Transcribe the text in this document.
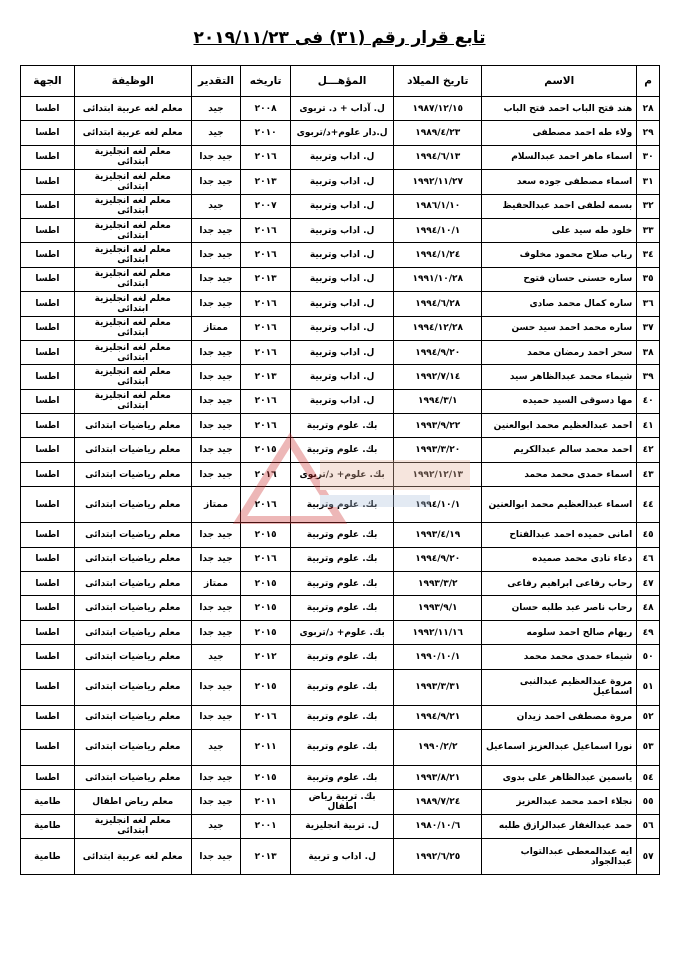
تابع قرار رقم (٣١) فى ٢٠١٩/١١/٢٣
م	الاسم	تاريخ الميلاد	المؤهـــل	تاريخه	التقدير	الوظيفة	الجهة
٢٨	هند فتح الباب احمد فتح الباب	١٩٨٧/١٢/١٥	ل. آداب + د. تربوى	٢٠٠٨	جيد	معلم لغه عربية ابتدائى	اطسا
٢٩	ولاء طه احمد مصطفى	١٩٨٩/٤/٢٣	ل.دار علوم+د/تربوى	٢٠١٠	جيد	معلم لغه عربية ابتدائى	اطسا
٣٠	اسماء ماهر احمد عبدالسلام	١٩٩٤/٦/١٣	ل. اداب وتربية	٢٠١٦	جيد جدا	معلم لغه انجليزية ابتدائى	اطسا
٣١	اسماء مصطفى جوده سعد	١٩٩٢/١١/٢٧	ل. اداب وتربية	٢٠١٣	جيد جدا	معلم لغه انجليزية ابتدائى	اطسا
٣٢	بسمه لطفى احمد عبدالحفيظ	١٩٨٦/١/١٠	ل. اداب وتربية	٢٠٠٧	جيد	معلم لغه انجليزية ابتدائى	اطسا
٣٣	خلود طه سيد على	١٩٩٤/١٠/١	ل. اداب وتربية	٢٠١٦	جيد جدا	معلم لغه انجليزية ابتدائى	اطسا
٣٤	رباب صلاح محمود مخلوف	١٩٩٤/١/٢٤	ل. اداب وتربية	٢٠١٦	جيد جدا	معلم لغه انجليزية ابتدائى	اطسا
٣٥	ساره حسنى حسان فتوح	١٩٩١/١٠/٢٨	ل. اداب وتربية	٢٠١٣	جيد جدا	معلم لغه انجليزية ابتدائى	اطسا
٣٦	ساره كمال محمد صادى	١٩٩٤/٦/٢٨	ل. اداب وتربية	٢٠١٦	جيد جدا	معلم لغه انجليزية ابتدائى	اطسا
٣٧	ساره محمد احمد سيد حسن	١٩٩٤/١٢/٢٨	ل. اداب وتربية	٢٠١٦	ممتاز	معلم لغه انجليزية ابتدائى	اطسا
٣٨	سحر احمد رمضان محمد	١٩٩٤/٩/٢٠	ل. اداب وتربية	٢٠١٦	جيد جدا	معلم لغه انجليزية ابتدائى	اطسا
٣٩	شيماء محمد عبدالظاهر سيد	١٩٩٢/٧/١٤	ل. اداب وتربية	٢٠١٣	جيد جدا	معلم لغه انجليزية ابتدائى	اطسا
٤٠	مها دسوقى السيد حميده	١٩٩٤/٣/١	ل. اداب وتربية	٢٠١٦	جيد جدا	معلم لغه انجليزية ابتدائى	اطسا
٤١	احمد عبدالعظيم محمد ابوالعنين	١٩٩٣/٩/٢٢	بك. علوم وتربية	٢٠١٦	جيد جدا	معلم رياضيات ابتدائى	اطسا
٤٢	احمد محمد سالم عبدالكريم	١٩٩٣/٣/٢٠	بك. علوم وتربية	٢٠١٥	جيد جدا	معلم رياضيات ابتدائى	اطسا
٤٣	اسماء حمدى محمد محمد	١٩٩٢/١٢/١٣	بك. علوم+ د/تربوى	٢٠١٦	جيد جدا	معلم رياضيات ابتدائى	اطسا
٤٤	اسماء عبدالعظيم محمد ابوالعنين	١٩٩٤/١٠/١	بك. علوم وتربية	٢٠١٦	ممتاز	معلم رياضيات ابتدائى	اطسا
٤٥	امانى حميده احمد عبدالفتاح	١٩٩٣/٤/١٩	بك. علوم وتربية	٢٠١٥	جيد جدا	معلم رياضيات ابتدائى	اطسا
٤٦	دعاء نادى محمد صميده	١٩٩٤/٩/٢٠	بك. علوم وتربية	٢٠١٦	جيد جدا	معلم رياضيات ابتدائى	اطسا
٤٧	رحاب رفاعى ابراهيم رفاعى	١٩٩٣/٣/٢	بك. علوم وتربية	٢٠١٥	ممتاز	معلم رياضيات ابتدائى	اطسا
٤٨	رحاب ناصر عبد طلبه حسان	١٩٩٣/٩/١	بك. علوم وتربية	٢٠١٥	جيد جدا	معلم رياضيات ابتدائى	اطسا
٤٩	ريهام صالح احمد سلومه	١٩٩٢/١١/١٦	بك. علوم+ د/تربوى	٢٠١٥	جيد جدا	معلم رياضيات ابتدائى	اطسا
٥٠	شيماء حمدى محمد محمد	١٩٩٠/١٠/١	بك. علوم وتربية	٢٠١٢	جيد	معلم رياضيات ابتدائى	اطسا
٥١	مروة عبدالعظيم عبدالنبى اسماعيل	١٩٩٣/٣/٣١	بك. علوم وتربية	٢٠١٥	جيد جدا	معلم رياضيات ابتدائى	اطسا
٥٢	مروة مصطفى احمد زيدان	١٩٩٤/٩/٢١	بك. علوم وتربية	٢٠١٦	جيد جدا	معلم رياضيات ابتدائى	اطسا
٥٣	نورا اسماعيل عبدالعزيز اسماعيل	١٩٩٠/٢/٢	بك. علوم وتربية	٢٠١١	جيد	معلم رياضيات ابتدائى	اطسا
٥٤	ياسمين عبدالظاهر على بدوى	١٩٩٣/٨/٢١	بك. علوم وتربية	٢٠١٥	جيد جدا	معلم رياضيات ابتدائى	اطسا
٥٥	نجلاء احمد محمد عبدالعزيز	١٩٨٩/٧/٢٤	بك. تربية رياض اطفال	٢٠١١	جيد جدا	معلم رياض اطفال	طامية
٥٦	حمد عبدالغفار عبدالرازق طلبه	١٩٨٠/١٠/٦	ل. تربية انجليزية	٢٠٠١	جيد	معلم لغه انجليزية ابتدائى	طامية
٥٧	ايه عبدالمعطى عبدالتواب عبدالجواد	١٩٩٢/٦/٢٥	ل. اداب و تربية	٢٠١٣	جيد جدا	معلم لغه عربية ابتدائى	طامية
